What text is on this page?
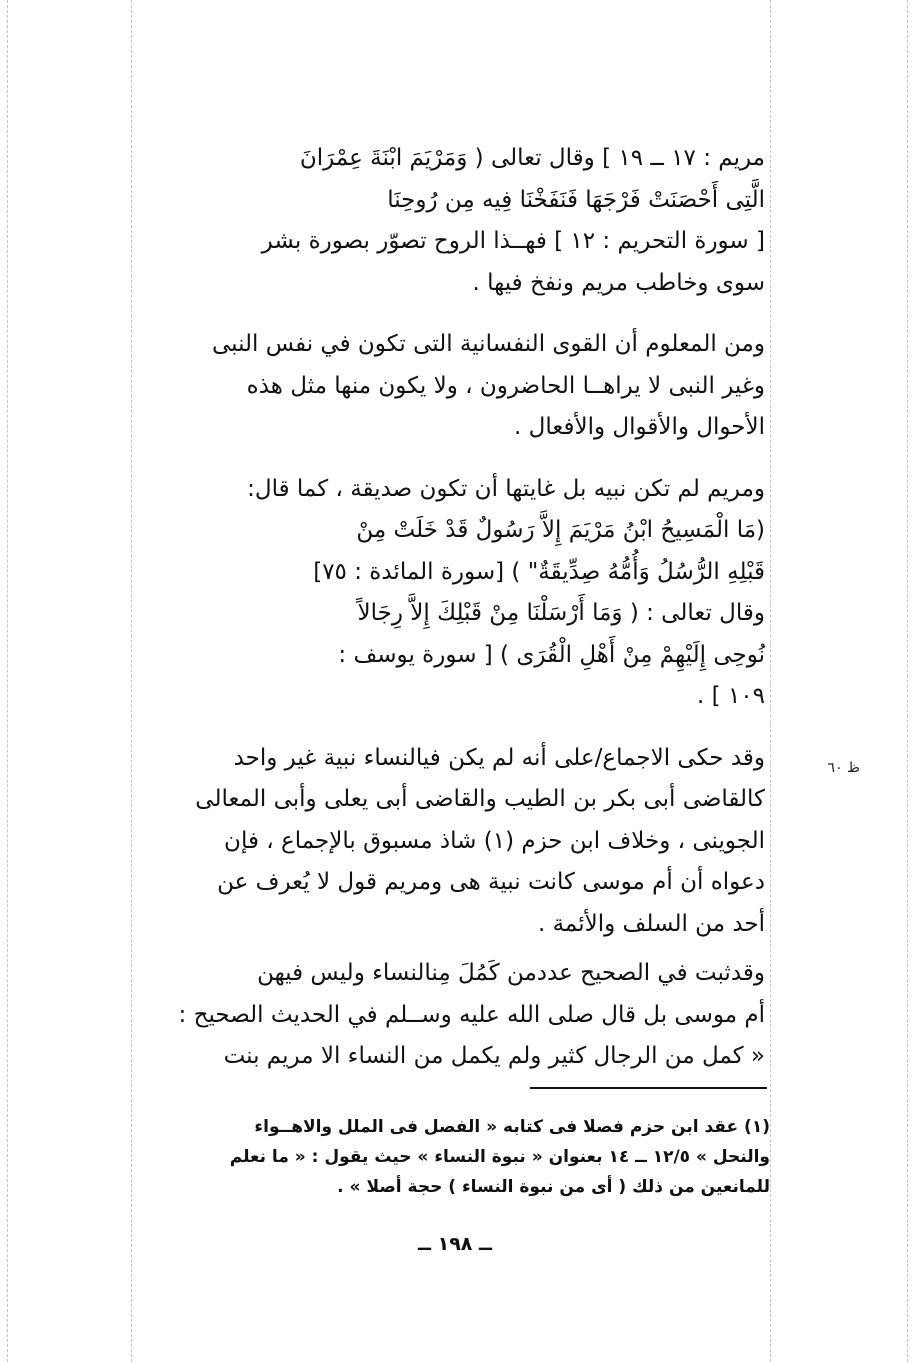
مريم : ١٧ ــ ١٩ ] وقال تعالى ( وَمَرْيَمَ ابْنَةَ عِمْرَانَ
الَّتِى أَحْصَنَتْ فَرْجَهَا فَنَفَخْنَا فِيه مِن رُوحِنَا
[ سورة التحريم : ١٢ ] فهــذا الروح تصوّر بصورة بشر
سوى وخاطب مريم ونفخ فيها .

ومن المعلوم أن القوى النفسانية التى تكون في نفس النبى
وغير النبى لا يراهــا الحاضرون ، ولا يكون منها مثل هذه
الأحوال والأقوال والأفعال .

ومريم لم تكن نبيه بل غايتها أن تكون صديقة ، كما قال:
(مَا الْمَسِيحُ ابْنُ مَرْيَمَ إِلاَّ رَسُولٌ قَدْ خَلَتْ مِنْ
قَبْلِهِ الرُّسُلُ وَأُمُّهُ صِدِّيقَةٌ" ) [سورة المائدة : ٧٥]
وقال تعالى : ( وَمَا أَرْسَلْنَا مِنْ قَبْلِكَ إِلاَّ رِجَالاً
نُوحِى إِلَيْهِمْ مِنْ أَهْلِ الْقُرَى ) [ سورة يوسف :
١٠٩ ] .

وقد حكى الاجماع/على أنه لم يكن فيالنساء نبية غير واحد
كالقاضى أبى بكر بن الطيب والقاضى أبى يعلى وأبى المعالى
الجوينى ، وخلاف ابن حزم (١) شاذ مسبوق بالإجماع ، فإن
دعواه أن أم موسى كانت نبية هى ومريم قول لا يُعرف عن
أحد من السلف والأئمة .

وقدثبت في الصحيح عددمن كَمُلَ مِنالنساء وليس فيهن
أم موسى بل قال صلى الله عليه وســلم في الحديث الصحيح :
« كمل من الرجال كثير ولم يكمل من النساء الا مريم بنت

ظ ٦٠
(١) عقد ابن حزم فصلا فى كتابه « الفصل فى الملل والاهــواء
والنحل » ١٢/٥ ــ ١٤ بعنوان « نبوة النساء » حيث يقول : « ما نعلم
للمانعين من ذلك ( أى من نبوة النساء ) حجة أصلا » .
ــ ١٩٨ ــ
